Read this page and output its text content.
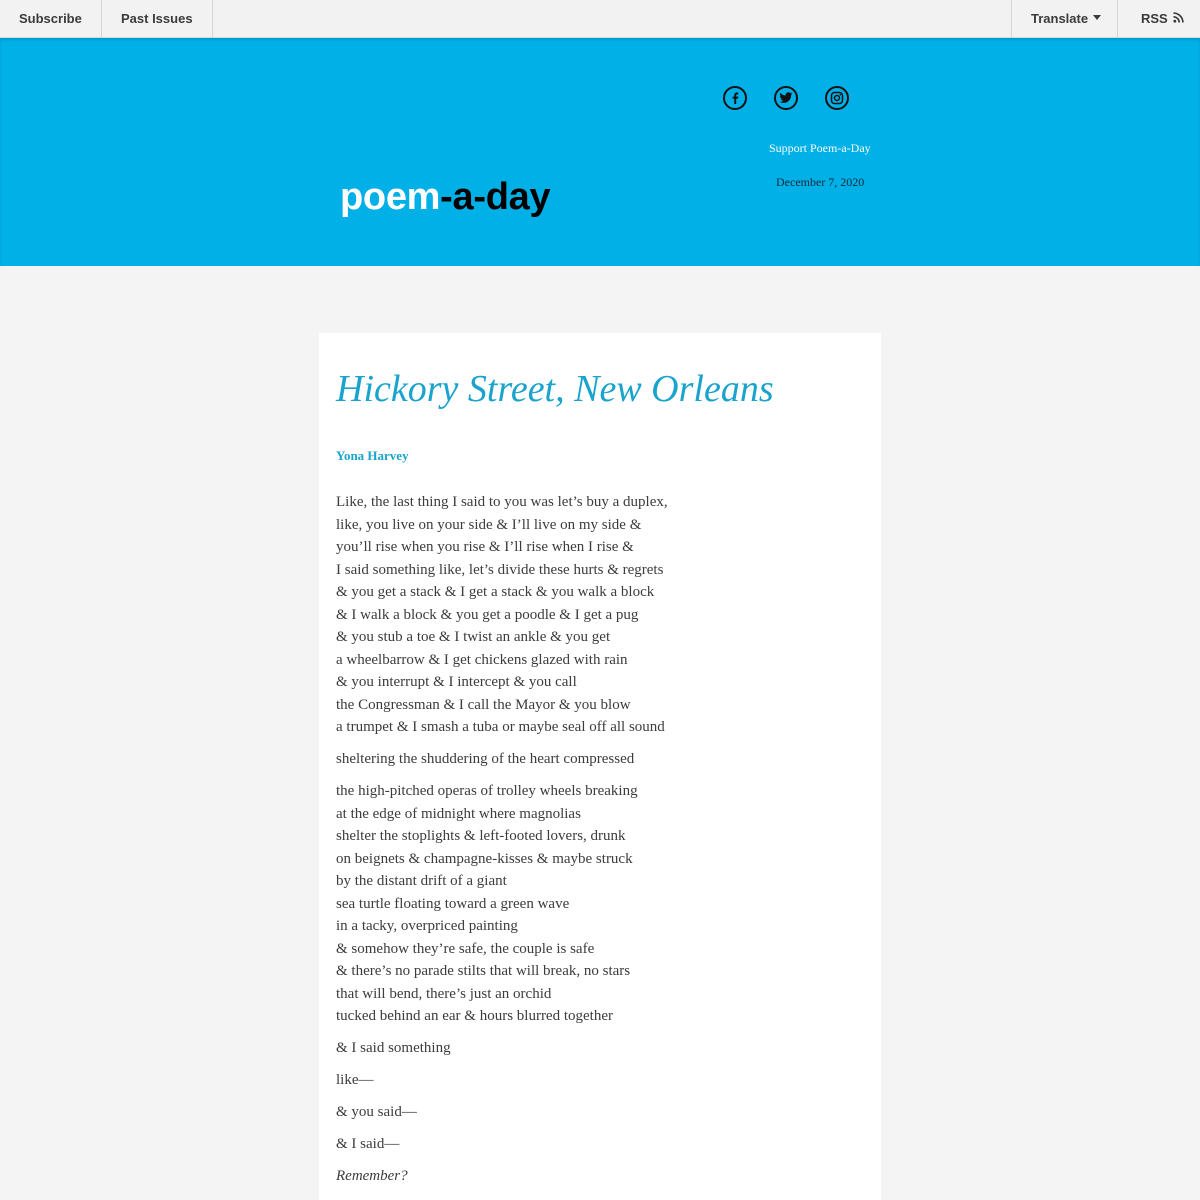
Subscribe	Past Issues	Translate	RSS
Support Poem-a-Day
December 7, 2020
poem-a-day
Hickory Street, New Orleans
Yona Harvey
Like, the last thing I said to you was let’s buy a duplex,
like, you live on your side & I’ll live on my side &
you’ll rise when you rise & I’ll rise when I rise &
I said something like, let’s divide these hurts & regrets
& you get a stack & I get a stack & you walk a block
& I walk a block & you get a poodle & I get a pug
& you stub a toe & I twist an ankle & you get
a wheelbarrow & I get chickens glazed with rain
& you interrupt & I intercept & you call
the Congressman & I call the Mayor & you blow
a trumpet & I smash a tuba or maybe seal off all sound
sheltering the shuddering of the heart compressed
the high-pitched operas of trolley wheels breaking
at the edge of midnight where magnolias
shelter the stoplights & left-footed lovers, drunk
on beignets & champagne-kisses & maybe struck
by the distant drift of a giant
sea turtle floating toward a green wave
in a tacky, overpriced painting
& somehow they’re safe, the couple is safe
& there’s no parade stilts that will break, no stars
that will bend, there’s just an orchid
tucked behind an ear & hours blurred together
& I said something
like—
& you said—
& I said—
Remember?
